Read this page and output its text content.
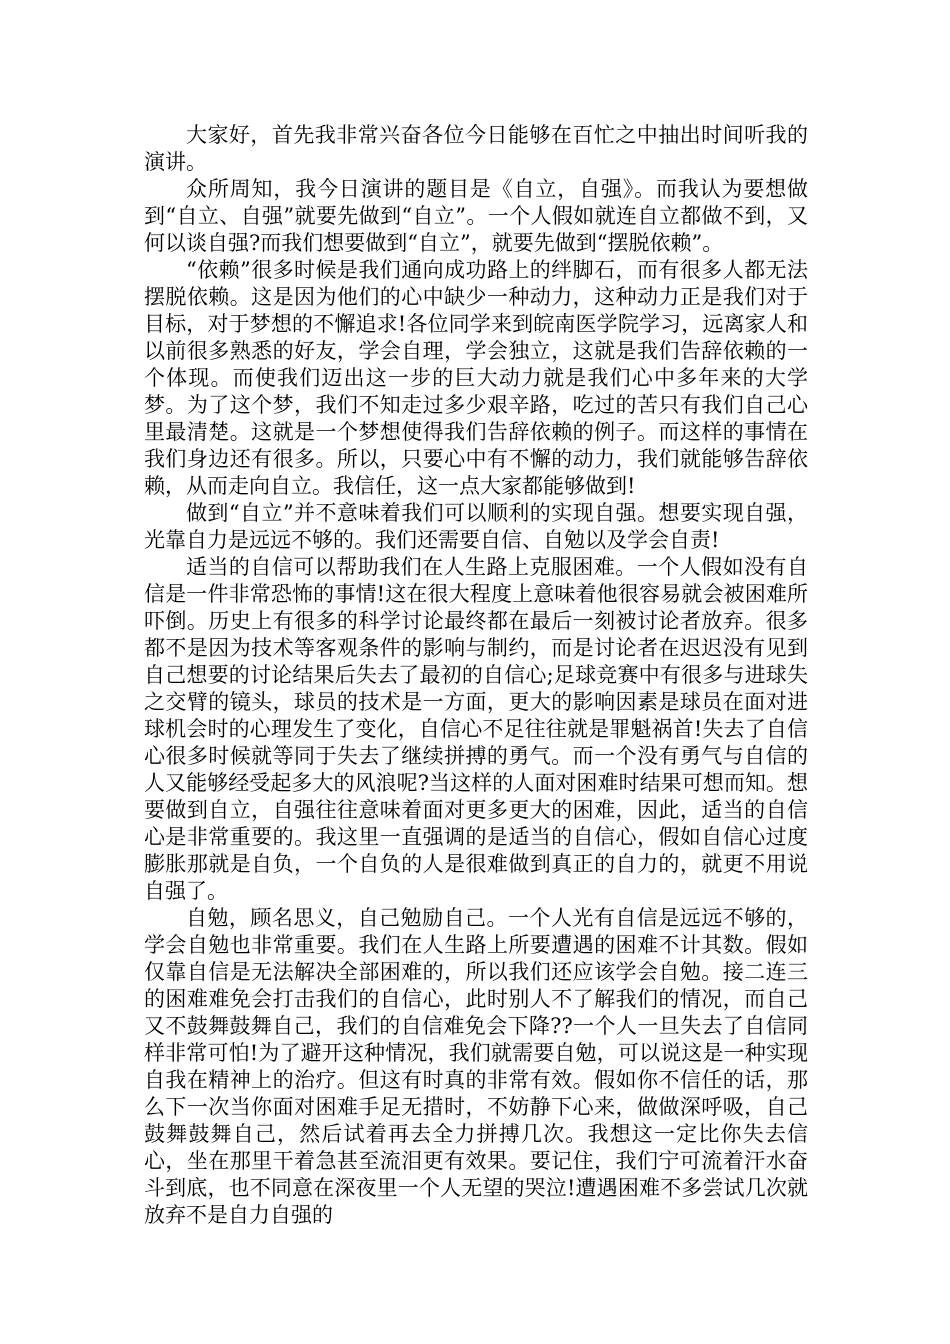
大家好，首先我非常兴奋各位今日能够在百忙之中抽出时间听我的演讲。

众所周知，我今日演讲的题目是《自立，自强》。而我认为要想做到“自立、自强”就要先做到“自立”。一个人假如就连自立都做不到，又何以谈自强?而我们想要做到“自立”，就要先做到“摆脱依赖”。

“依赖”很多时候是我们通向成功路上的绊脚石，而有很多人都无法摆脱依赖。这是因为他们的心中缺少一种动力，这种动力正是我们对于目标，对于梦想的不懈追求!各位同学来到皖南医学院学习，远离家人和以前很多熟悉的好友，学会自理，学会独立，这就是我们告辞依赖的一个体现。而使我们迈出这一步的巨大动力就是我们心中多年来的大学梦。为了这个梦，我们不知走过多少艰辛路，吃过的苦只有我们自己心里最清楚。这就是一个梦想使得我们告辞依赖的例子。而这样的事情在我们身边还有很多。所以，只要心中有不懈的动力，我们就能够告辞依赖，从而走向自立。我信任，这一点大家都能够做到!

做到“自立”并不意味着我们可以顺利的实现自强。想要实现自强，光靠自力是远远不够的。我们还需要自信、自勉以及学会自责!

适当的自信可以帮助我们在人生路上克服困难。一个人假如没有自信是一件非常恐怖的事情!这在很大程度上意味着他很容易就会被困难所吓倒。历史上有很多的科学讨论最终都在最后一刻被讨论者放弃。很多都不是因为技术等客观条件的影响与制约，而是讨论者在迟迟没有见到自己想要的讨论结果后失去了最初的自信心;足球竞赛中有很多与进球失之交臂的镜头，球员的技术是一方面，更大的影响因素是球员在面对进球机会时的心理发生了变化，自信心不足往往就是罪魁祸首!失去了自信心很多时候就等同于失去了继续拼搏的勇气。而一个没有勇气与自信的人又能够经受起多大的风浪呢?当这样的人面对困难时结果可想而知。想要做到自立，自强往往意味着面对更多更大的困难，因此，适当的自信心是非常重要的。我这里一直强调的是适当的自信心，假如自信心过度膨胀那就是自负，一个自负的人是很难做到真正的自力的，就更不用说自强了。

自勉，顾名思义，自己勉励自己。一个人光有自信是远远不够的，学会自勉也非常重要。我们在人生路上所要遭遇的困难不计其数。假如仅靠自信是无法解决全部困难的，所以我们还应该学会自勉。接二连三的困难难免会打击我们的自信心，此时别人不了解我们的情况，而自己又不鼓舞鼓舞自己，我们的自信难免会下降??一个人一旦失去了自信同样非常可怕!为了避开这种情况，我们就需要自勉，可以说这是一种实现自我在精神上的治疗。但这有时真的非常有效。假如你不信任的话，那么下一次当你面对困难手足无措时，不妨静下心来，做做深呼吸，自己鼓舞鼓舞自己，然后试着再去全力拼搏几次。我想这一定比你失去信心，坐在那里干着急甚至流泪更有效果。要记住，我们宁可流着汗水奋斗到底，也不同意在深夜里一个人无望的哭泣!遭遇困难不多尝试几次就放弃不是自力自强的
